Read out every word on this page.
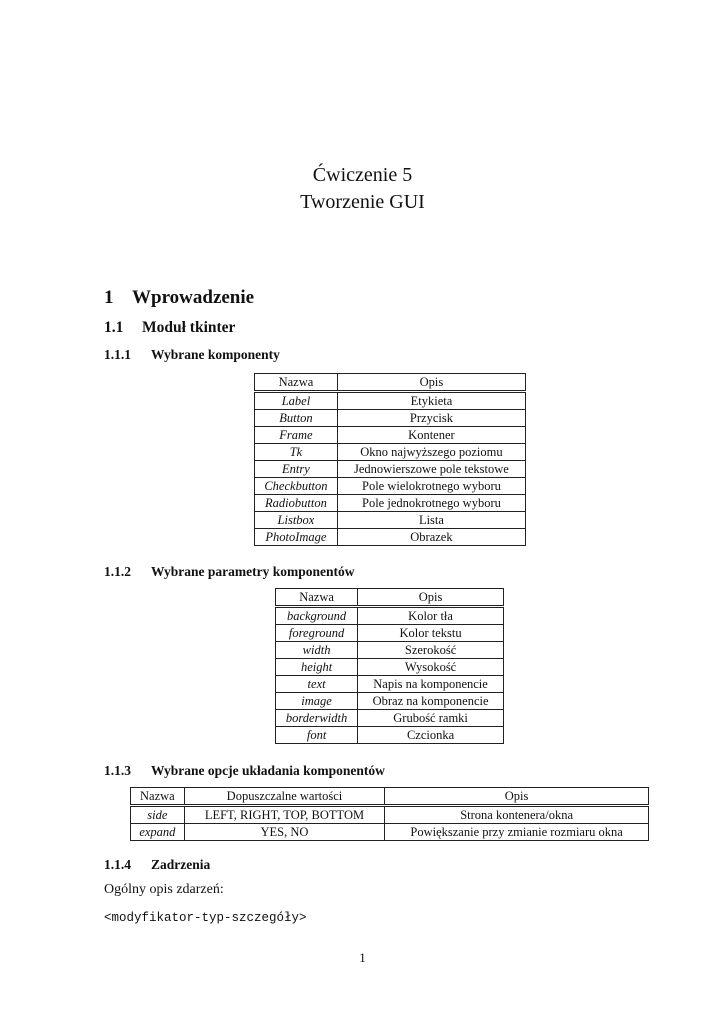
Ćwiczenie 5
Tworzenie GUI
1 Wprowadzenie
1.1 Moduł tkinter
1.1.1 Wybrane komponenty
Nazwa	Opis
Label	Etykieta
Button	Przycisk
Frame	Kontener
Tk	Okno najwyższego poziomu
Entry	Jednowierszowe pole tekstowe
Checkbutton	Pole wielokrotnego wyboru
Radiobutton	Pole jednokrotnego wyboru
Listbox	Lista
PhotoImage	Obrazek
1.1.2 Wybrane parametry komponentów
Nazwa	Opis
background	Kolor tła
foreground	Kolor tekstu
width	Szerokość
height	Wysokość
text	Napis na komponencie
image	Obraz na komponencie
borderwidth	Grubość ramki
font	Czcionka
1.1.3 Wybrane opcje układania komponentów
Nazwa	Dopuszczalne wartości	Opis
side	LEFT, RIGHT, TOP, BOTTOM	Strona kontenera/okna
expand	YES, NO	Powiększanie przy zmianie rozmiaru okna
1.1.4 Zadrzenia
Ogólny opis zdarzeń:
<modyfikator-typ-szczegóły>
1
